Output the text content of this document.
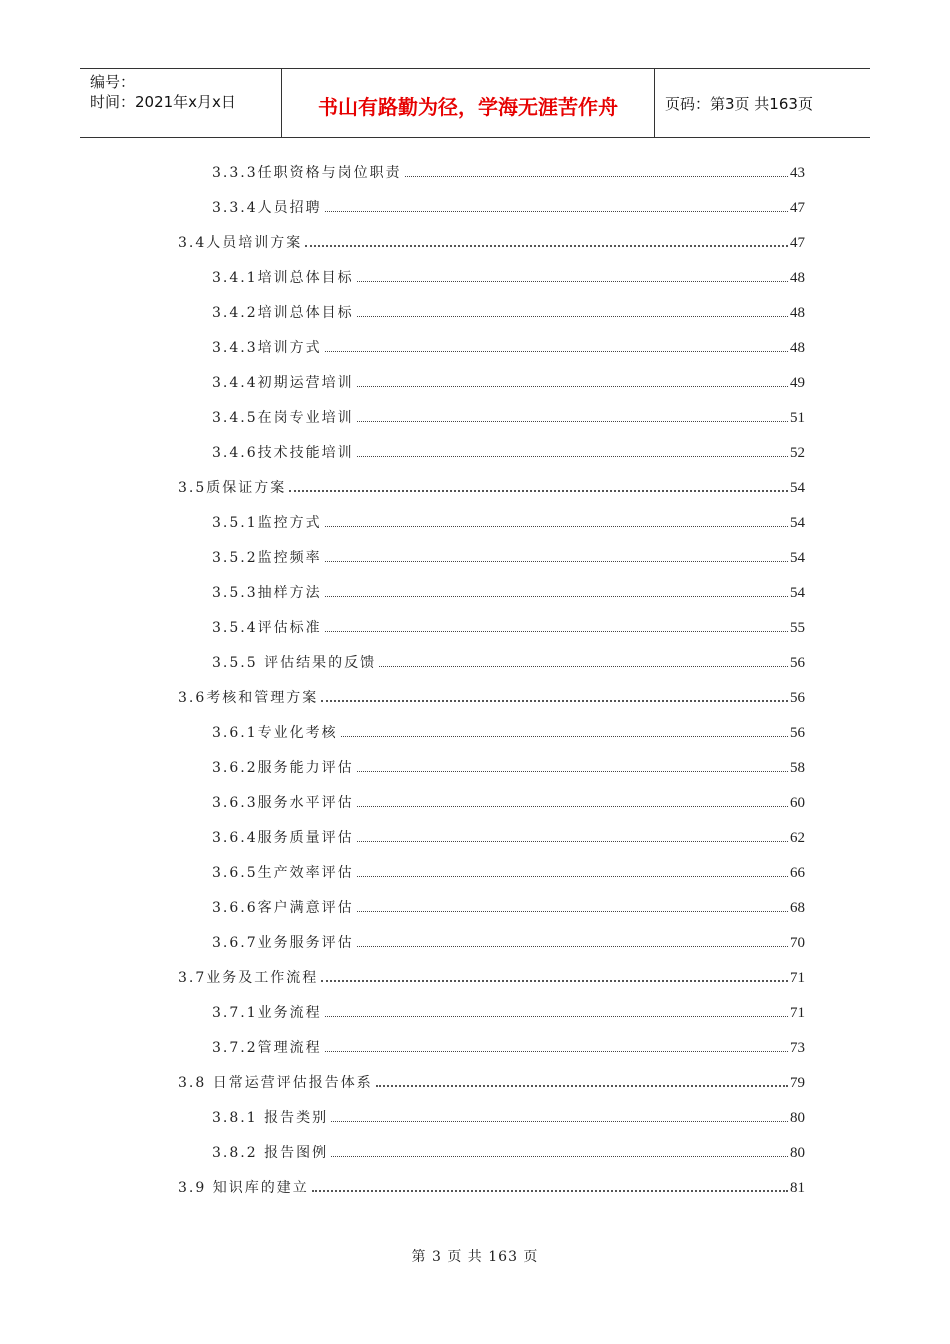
编号：
时间：2021年x月x日	书山有路勤为径，学海无涯苦作舟	页码：第3页 共163页
3.3.3任职资格与岗位职责	43
3.3.4人员招聘	47
3.4人员培训方案	47
3.4.1培训总体目标	48
3.4.2培训总体目标	48
3.4.3培训方式	48
3.4.4初期运营培训	49
3.4.5在岗专业培训	51
3.4.6技术技能培训	52
3.5质保证方案	54
3.5.1监控方式	54
3.5.2监控频率	54
3.5.3抽样方法	54
3.5.4评估标准	55
3.5.5 评估结果的反馈	56
3.6考核和管理方案	56
3.6.1专业化考核	56
3.6.2服务能力评估	58
3.6.3服务水平评估	60
3.6.4服务质量评估	62
3.6.5生产效率评估	66
3.6.6客户满意评估	68
3.6.7业务服务评估	70
3.7业务及工作流程	71
3.7.1业务流程	71
3.7.2管理流程	73
3.8 日常运营评估报告体系	79
3.8.1 报告类别	80
3.8.2 报告图例	80
3.9 知识库的建立	81
第 3 页 共 163 页
